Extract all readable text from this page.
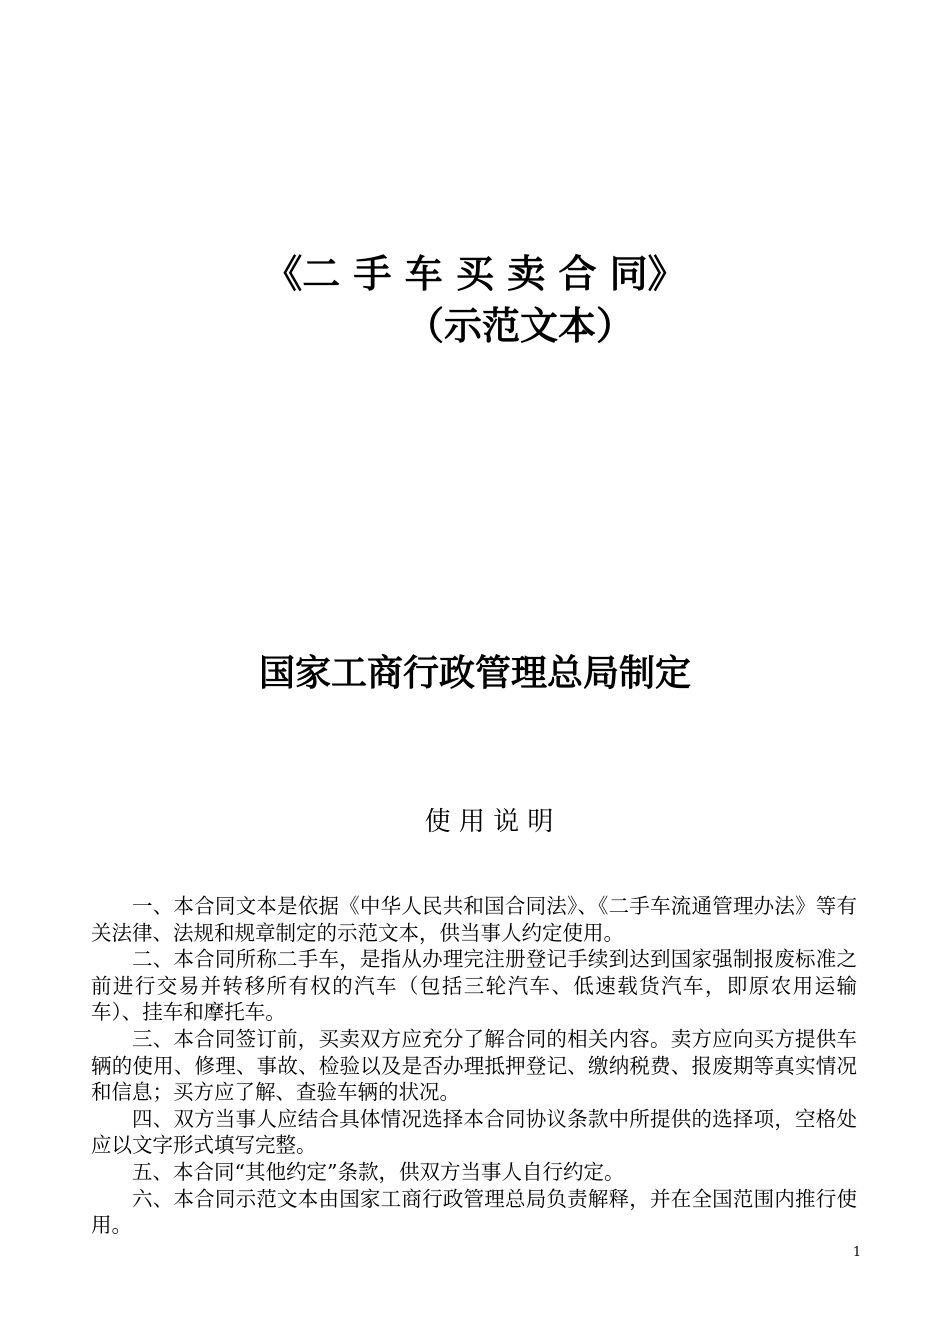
《二 手 车 买 卖 合 同》
（示范文本）
国家工商行政管理总局制定
使 用 说 明

一、本合同文本是依据《中华人民共和国合同法》、《二手车流通管理办法》等有关法律、法规和规章制定的示范文本，供当事人约定使用。

二、本合同所称二手车，是指从办理完注册登记手续到达到国家强制报废标准之前进行交易并转移所有权的汽车（包括三轮汽车、低速载货汽车，即原农用运输车）、挂车和摩托车。

三、本合同签订前，买卖双方应充分了解合同的相关内容。卖方应向买方提供车辆的使用、修理、事故、检验以及是否办理抵押登记、缴纳税费、报废期等真实情况和信息；买方应了解、查验车辆的状况。

四、双方当事人应结合具体情况选择本合同协议条款中所提供的选择项，空格处应以文字形式填写完整。

五、本合同“其他约定”条款，供双方当事人自行约定。

六、本合同示范文本由国家工商行政管理总局负责解释，并在全国范围内推行使用。

1
